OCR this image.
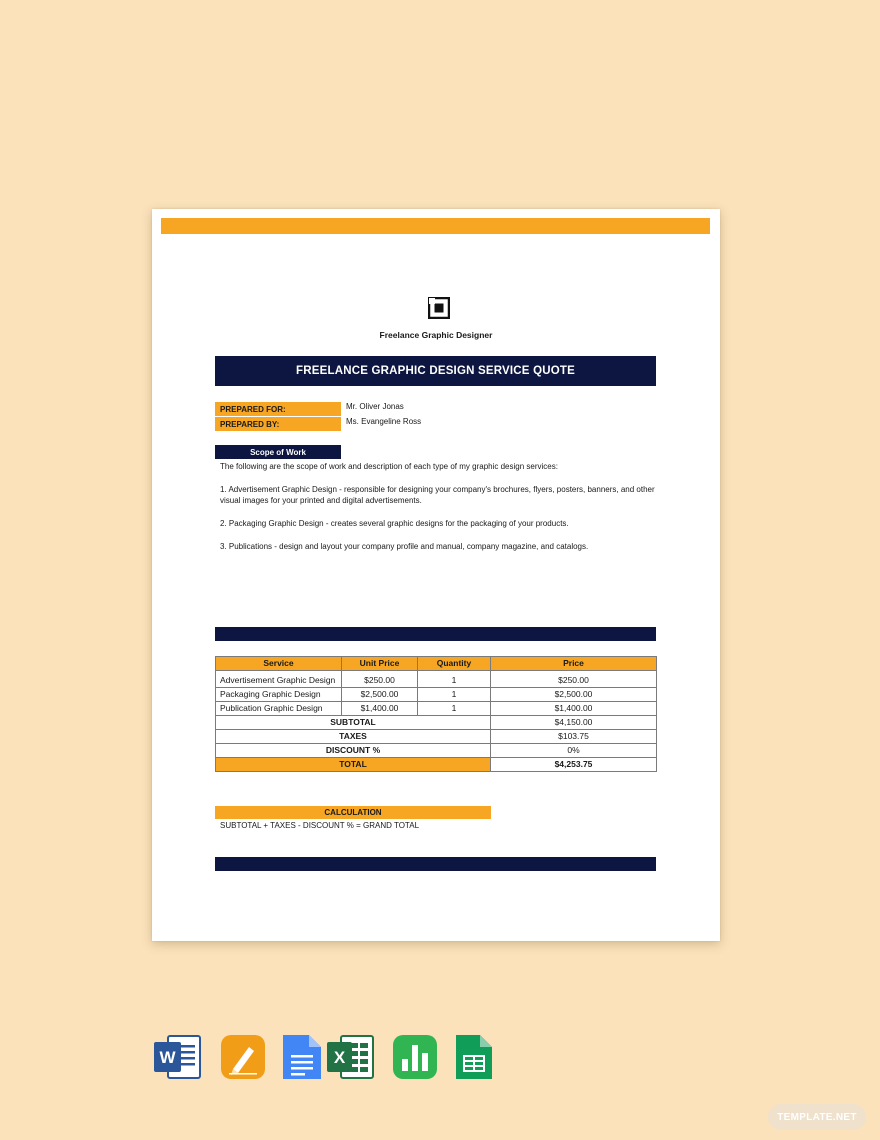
Freelance Graphic Designer
FREELANCE GRAPHIC DESIGN SERVICE QUOTE
PREPARED FOR:	Mr. Oliver Jonas
PREPARED BY:	Ms. Evangeline Ross
Scope of Work
The following are the scope of work and description of each type of my graphic design services:
1. Advertisement Graphic Design - responsible for designing your company's brochures, flyers, posters, banners, and other visual images for your printed and digital advertisements.
2. Packaging Graphic Design - creates several graphic designs for the packaging of your products.
3. Publications - design and layout your company profile and manual, company magazine, and catalogs.
Service	Unit Price	Quantity	Price
Advertisement Graphic Design	$250.00	1	$250.00
Packaging Graphic Design	$2,500.00	1	$2,500.00
Publication Graphic Design	$1,400.00	1	$1,400.00
SUBTOTAL			$4,150.00
TAXES			$103.75
DISCOUNT %			0%
TOTAL			$4,253.75
CALCULATION
SUBTOTAL + TAXES - DISCOUNT % = GRAND TOTAL
W	X
TEMPLATE.NET
